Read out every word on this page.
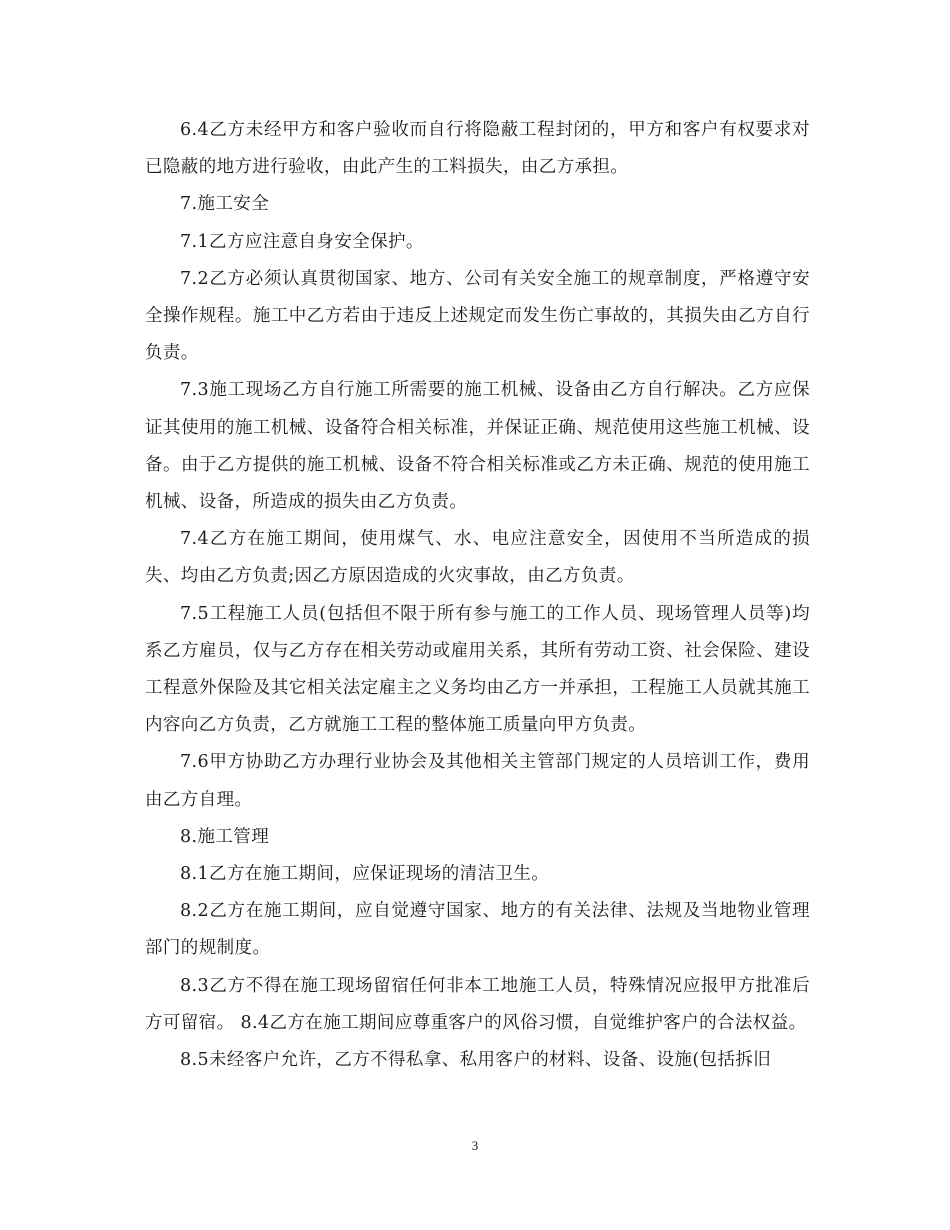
6.4乙方未经甲方和客户验收而自行将隐蔽工程封闭的，甲方和客户有权要求对已隐蔽的地方进行验收，由此产生的工料损失，由乙方承担。

7.施工安全

7.1乙方应注意自身安全保护。

7.2乙方必须认真贯彻国家、地方、公司有关安全施工的规章制度，严格遵守安全操作规程。施工中乙方若由于违反上述规定而发生伤亡事故的，其损失由乙方自行负责。

7.3施工现场乙方自行施工所需要的施工机械、设备由乙方自行解决。乙方应保证其使用的施工机械、设备符合相关标准，并保证正确、规范使用这些施工机械、设备。由于乙方提供的施工机械、设备不符合相关标准或乙方未正确、规范的使用施工机械、设备，所造成的损失由乙方负责。

7.4乙方在施工期间，使用煤气、水、电应注意安全，因使用不当所造成的损失、均由乙方负责;因乙方原因造成的火灾事故，由乙方负责。

7.5工程施工人员(包括但不限于所有参与施工的工作人员、现场管理人员等)均系乙方雇员，仅与乙方存在相关劳动或雇用关系，其所有劳动工资、社会保险、建设工程意外保险及其它相关法定雇主之义务均由乙方一并承担，工程施工人员就其施工内容向乙方负责，乙方就施工工程的整体施工质量向甲方负责。

7.6甲方协助乙方办理行业协会及其他相关主管部门规定的人员培训工作，费用由乙方自理。

8.施工管理

8.1乙方在施工期间，应保证现场的清洁卫生。

8.2乙方在施工期间，应自觉遵守国家、地方的有关法律、法规及当地物业管理部门的规制度。

8.3乙方不得在施工现场留宿任何非本工地施工人员，特殊情况应报甲方批准后方可留宿。 8.4乙方在施工期间应尊重客户的风俗习惯，自觉维护客户的合法权益。

8.5未经客户允许，乙方不得私拿、私用客户的材料、设备、设施(包括拆旧

3
